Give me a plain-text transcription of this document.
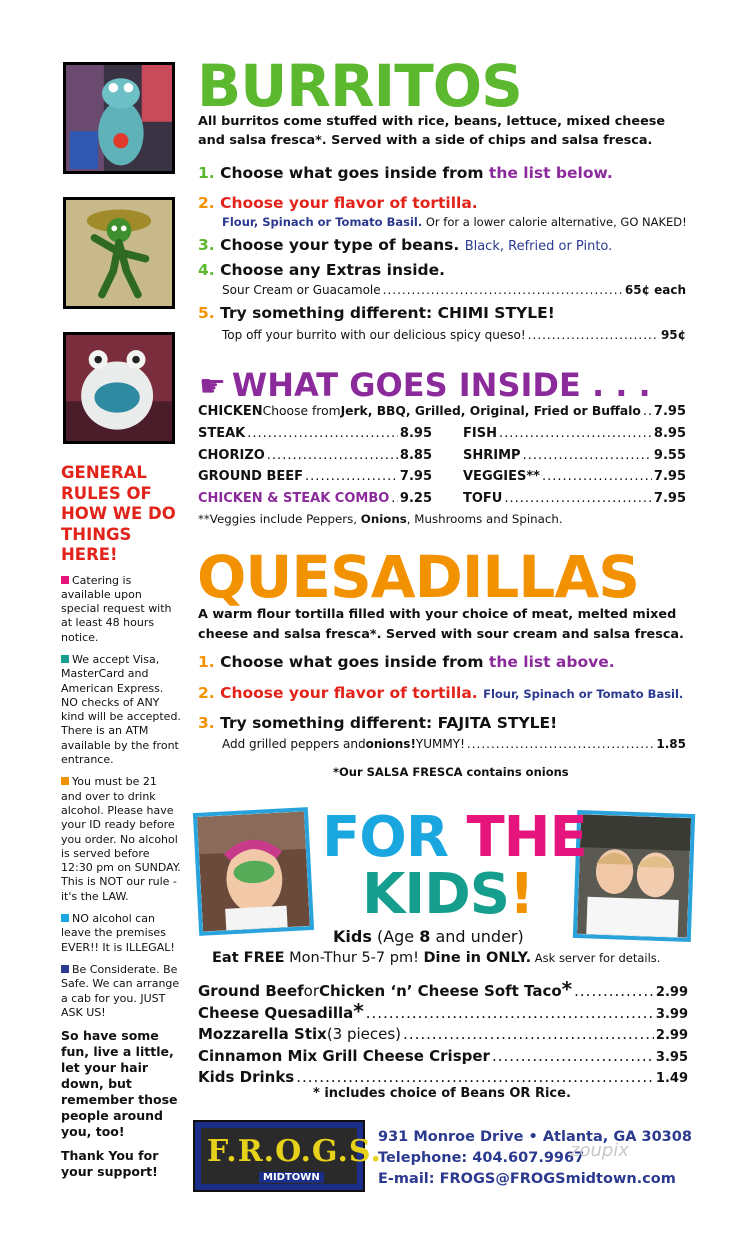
GENERAL RULES OF HOW WE DO THINGS HERE!
Catering is available upon special request with at least 48 hours notice.
We accept Visa, MasterCard and American Express. NO checks of ANY kind will be accepted. There is an ATM available by the front entrance.
You must be 21 and over to drink alcohol. Please have your ID ready before you order. No alcohol is served before 12:30 pm on SUNDAY. This is NOT our rule - it's the LAW.
NO alcohol can leave the premises EVER!! It is ILLEGAL!
Be Considerate. Be Safe. We can arrange a cab for you. JUST ASK US!
So have some fun, live a little, let your hair down, but remember those people around you, too!
Thank You for your support!
BURRITOS
All burritos come stuffed with rice, beans, lettuce, mixed cheese
and salsa fresca*. Served with a side of chips and salsa fresca.
1. Choose what goes inside from the list below.
2. Choose your flavor of tortilla.
Flour, Spinach or Tomato Basil. Or for a lower calorie alternative, GO NAKED!
3. Choose your type of beans. Black, Refried or Pinto.
4. Choose any Extras inside.
Sour Cream or Guacamole .....	65¢ each
5. Try something different: CHIMI STYLE!
Top off your burrito with our delicious spicy queso! .....	95¢
☛ WHAT GOES INSIDE . . .
CHICKEN Choose from Jerk, BBQ, Grilled, Original, Fried or Buffalo ..... 7.95
STEAK .....	8.95
CHORIZO .....	8.85
GROUND BEEF .....	7.95
CHICKEN & STEAK COMBO ..... 9.25
FISH .....	8.95
SHRIMP .....	9.55
VEGGIES** .....	7.95
TOFU .....	7.95
**Veggies include Peppers, Onions, Mushrooms and Spinach.
QUESADILLAS
A warm flour tortilla filled with your choice of meat, melted mixed
cheese and salsa fresca*. Served with sour cream and salsa fresca.
1. Choose what goes inside from the list above.
2. Choose your flavor of tortilla. Flour, Spinach or Tomato Basil.
3. Try something different: FAJITA STYLE!
Add grilled peppers and onions! YUMMY! .....	1.85
*Our SALSA FRESCA contains onions
FOR THE
KIDS!
Kids (Age 8 and under)
Eat FREE Mon-Thur 5-7 pm! Dine in ONLY. Ask server for details.
Ground Beef or Chicken ‘n’ Cheese Soft Taco * .....	2.99
Cheese Quesadilla * .....	3.99
Mozzarella Stix (3 pieces) .....	2.99
Cinnamon Mix Grill Cheese Crisper .....	3.95
Kids Drinks .....	1.49
* includes choice of Beans OR Rice.
F.R.O.G.S.
MIDTOWN
931 Monroe Drive • Atlanta, GA 30308
Telephone: 404.607.9967
E-mail: FROGS@FROGSmidtown.com
zoupix
